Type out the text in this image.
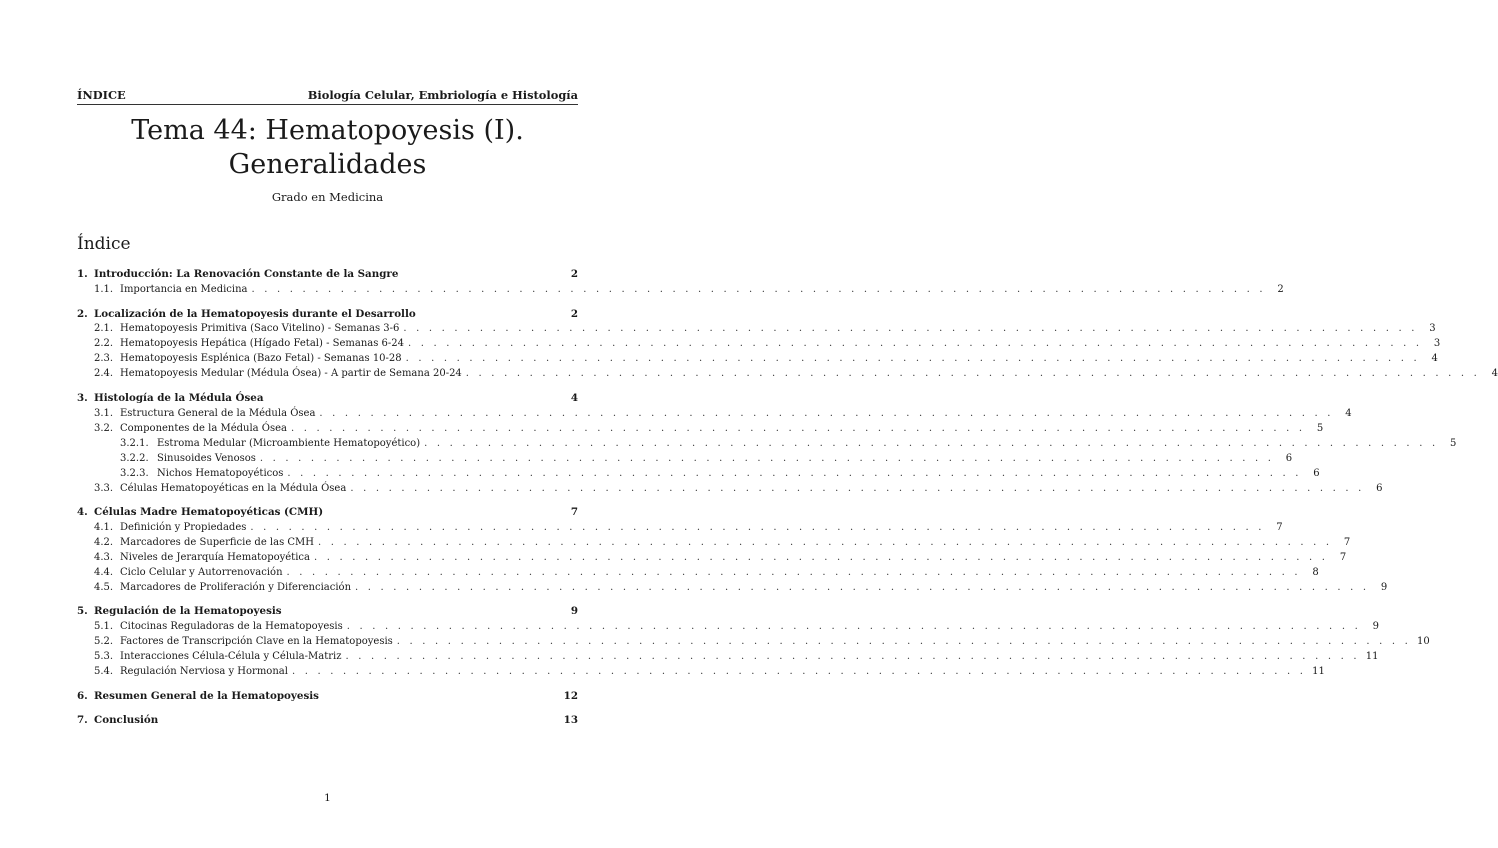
ÍNDICE	Biología Celular, Embriología e Histología
Tema 44: Hematopoyesis (I).
Generalidades
Grado en Medicina
Índice
1. Introducción: La Renovación Constante de la Sangre	2
1.1. Importancia en Medicina . . . . . . . . . . . . . . . . . . . . . . . . . . . . . . . . . . . . . . . . . . . . . . . . . . . . . . . . . . . . . . . . . . . . . . . . . . . . . . . .	2
2. Localización de la Hematopoyesis durante el Desarrollo	2
2.1. Hematopoyesis Primitiva (Saco Vitelino) - Semanas 3-6 . . . . . . . . . . . . . . . . . . . . . . . . . . . . . . . . . . . . . . . . . . . . . . . . . . . . . . . . . . . . . . . . . . . . . . . . . . . . . . . .	3
2.2. Hematopoyesis Hepática (Hígado Fetal) - Semanas 6-24 . . . . . . . . . . . . . . . . . . . . . . . . . . . . . . . . . . . . . . . . . . . . . . . . . . . . . . . . . . . . . . . . . . . . . . . . . . . . . . . .	3
2.3. Hematopoyesis Esplénica (Bazo Fetal) - Semanas 10-28 . . . . . . . . . . . . . . . . . . . . . . . . . . . . . . . . . . . . . . . . . . . . . . . . . . . . . . . . . . . . . . . . . . . . . . . . . . . . . . . .	4
2.4. Hematopoyesis Medular (Médula Ósea) - A partir de Semana 20-24 . . . . . . . . . . . . . . . . . . . . . . . . . . . . . . . . . . . . . . . . . . . . . . . . . . . . . . . . . . . . . . . . . . . . . . . . . . . . . . . .	4
3. Histología de la Médula Ósea	4
3.1. Estructura General de la Médula Ósea . . . . . . . . . . . . . . . . . . . . . . . . . . . . . . . . . . . . . . . . . . . . . . . . . . . . . . . . . . . . . . . . . . . . . . . . . . . . . . . .	4
3.2. Componentes de la Médula Ósea . . . . . . . . . . . . . . . . . . . . . . . . . . . . . . . . . . . . . . . . . . . . . . . . . . . . . . . . . . . . . . . . . . . . . . . . . . . . . . . .	5
3.2.1. Estroma Medular (Microambiente Hematopoyético) . . . . . . . . . . . . . . . . . . . . . . . . . . . . . . . . . . . . . . . . . . . . . . . . . . . . . . . . . . . . . . . . . . . . . . . . . . . . . . . .	5
3.2.2. Sinusoides Venosos . . . . . . . . . . . . . . . . . . . . . . . . . . . . . . . . . . . . . . . . . . . . . . . . . . . . . . . . . . . . . . . . . . . . . . . . . . . . . . . .	6
3.2.3. Nichos Hematopoyéticos . . . . . . . . . . . . . . . . . . . . . . . . . . . . . . . . . . . . . . . . . . . . . . . . . . . . . . . . . . . . . . . . . . . . . . . . . . . . . . . .	6
3.3. Células Hematopoyéticas en la Médula Ósea . . . . . . . . . . . . . . . . . . . . . . . . . . . . . . . . . . . . . . . . . . . . . . . . . . . . . . . . . . . . . . . . . . . . . . . . . . . . . . . .	6
4. Células Madre Hematopoyéticas (CMH)	7
4.1. Definición y Propiedades . . . . . . . . . . . . . . . . . . . . . . . . . . . . . . . . . . . . . . . . . . . . . . . . . . . . . . . . . . . . . . . . . . . . . . . . . . . . . . . .	7
4.2. Marcadores de Superficie de las CMH . . . . . . . . . . . . . . . . . . . . . . . . . . . . . . . . . . . . . . . . . . . . . . . . . . . . . . . . . . . . . . . . . . . . . . . . . . . . . . . .	7
4.3. Niveles de Jerarquía Hematopoyética . . . . . . . . . . . . . . . . . . . . . . . . . . . . . . . . . . . . . . . . . . . . . . . . . . . . . . . . . . . . . . . . . . . . . . . . . . . . . . . .	7
4.4. Ciclo Celular y Autorrenovación . . . . . . . . . . . . . . . . . . . . . . . . . . . . . . . . . . . . . . . . . . . . . . . . . . . . . . . . . . . . . . . . . . . . . . . . . . . . . . . .	8
4.5. Marcadores de Proliferación y Diferenciación . . . . . . . . . . . . . . . . . . . . . . . . . . . . . . . . . . . . . . . . . . . . . . . . . . . . . . . . . . . . . . . . . . . . . . . . . . . . . . . .	9
5. Regulación de la Hematopoyesis	9
5.1. Citocinas Reguladoras de la Hematopoyesis . . . . . . . . . . . . . . . . . . . . . . . . . . . . . . . . . . . . . . . . . . . . . . . . . . . . . . . . . . . . . . . . . . . . . . . . . . . . . . . .	9
5.2. Factores de Transcripción Clave en la Hematopoyesis . . . . . . . . . . . . . . . . . . . . . . . . . . . . . . . . . . . . . . . . . . . . . . . . . . . . . . . . . . . . . . . . . . . . . . . . . . . . . . . . 10
5.3. Interacciones Célula-Célula y Célula-Matriz . . . . . . . . . . . . . . . . . . . . . . . . . . . . . . . . . . . . . . . . . . . . . . . . . . . . . . . . . . . . . . . . . . . . . . . . . . . . . . . . 11
5.4. Regulación Nerviosa y Hormonal . . . . . . . . . . . . . . . . . . . . . . . . . . . . . . . . . . . . . . . . . . . . . . . . . . . . . . . . . . . . . . . . . . . . . . . . . . . . . . . . 11
6. Resumen General de la Hematopoyesis	12
7. Conclusión	13
1
